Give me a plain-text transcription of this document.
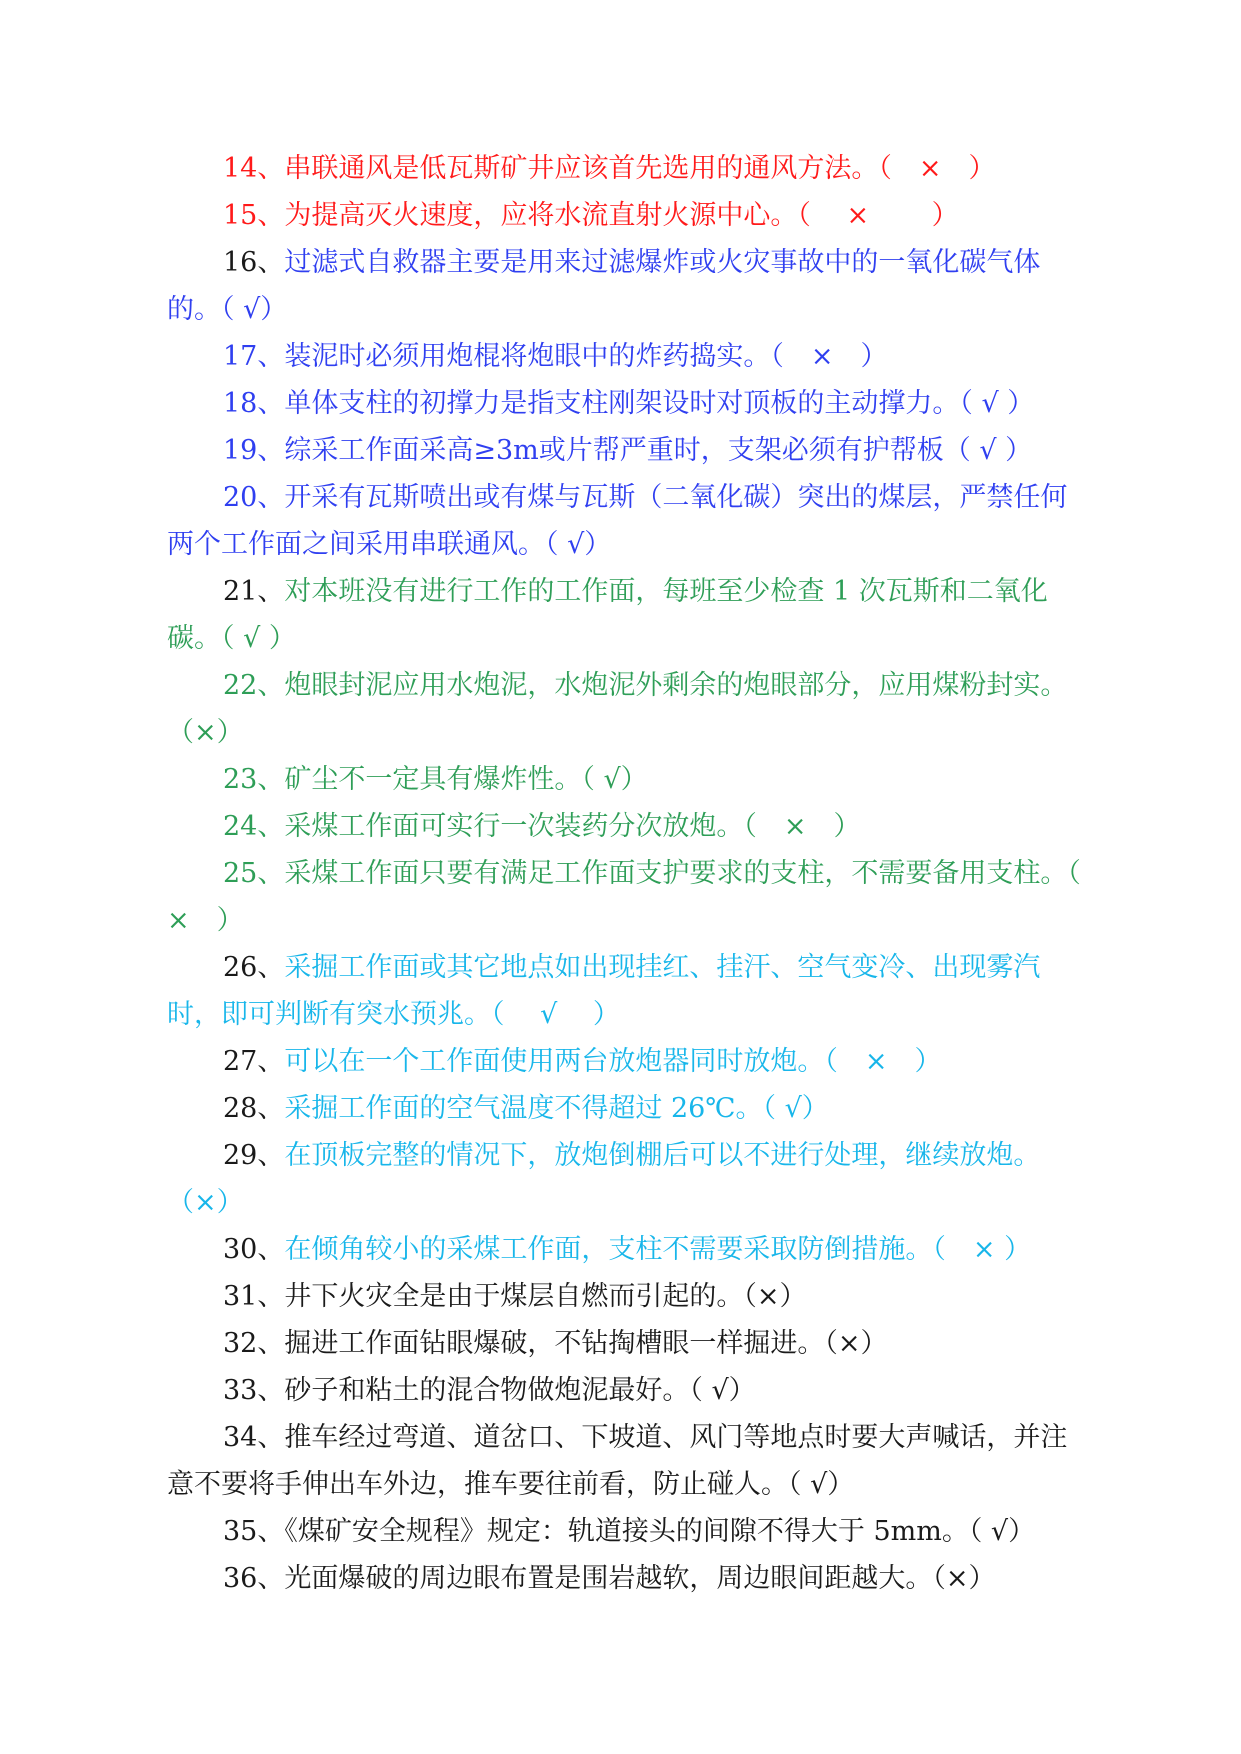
14、串联通风是低瓦斯矿井应该首先选用的通风方法。（　×　）

15、为提高灭火速度，应将水流直射火源中心。（　 ×　 　）

16、过滤式自救器主要是用来过滤爆炸或火灾事故中的一氧化碳气体的。（ √）

17、装泥时必须用炮棍将炮眼中的炸药捣实。（　×　）

18、单体支柱的初撑力是指支柱刚架设时对顶板的主动撑力。（ √ ）

19、综采工作面采高≥3m或片帮严重时，支架必须有护帮板（ √ ）

20、开采有瓦斯喷出或有煤与瓦斯（二氧化碳）突出的煤层，严禁任何两个工作面之间采用串联通风。（ √）

21、对本班没有进行工作的工作面，每班至少检查 1 次瓦斯和二氧化碳。（ √ ）

22、炮眼封泥应用水炮泥，水炮泥外剩余的炮眼部分，应用煤粉封实。（×）

23、矿尘不一定具有爆炸性。（ √）

24、采煤工作面可实行一次装药分次放炮。（　×　）

25、采煤工作面只要有满足工作面支护要求的支柱，不需要备用支柱。（　×　）

26、采掘工作面或其它地点如出现挂红、挂汗、空气变冷、出现雾汽时，即可判断有突水预兆。（　 √　 ）

27、可以在一个工作面使用两台放炮器同时放炮。（　×　）

28、采掘工作面的空气温度不得超过 26℃。（ √）

29、在顶板完整的情况下，放炮倒棚后可以不进行处理，继续放炮。（×）

30、在倾角较小的采煤工作面，支柱不需要采取防倒措施。（　× ）

31、井下火灾全是由于煤层自燃而引起的。（×）

32、掘进工作面钻眼爆破，不钻掏槽眼一样掘进。（×）

33、砂子和粘土的混合物做炮泥最好。（ √）

34、推车经过弯道、道岔口、下坡道、风门等地点时要大声喊话，并注意不要将手伸出车外边，推车要往前看，防止碰人。（ √）

35、《煤矿安全规程》规定：轨道接头的间隙不得大于 5mm。（ √）

36、光面爆破的周边眼布置是围岩越软，周边眼间距越大。（×）
